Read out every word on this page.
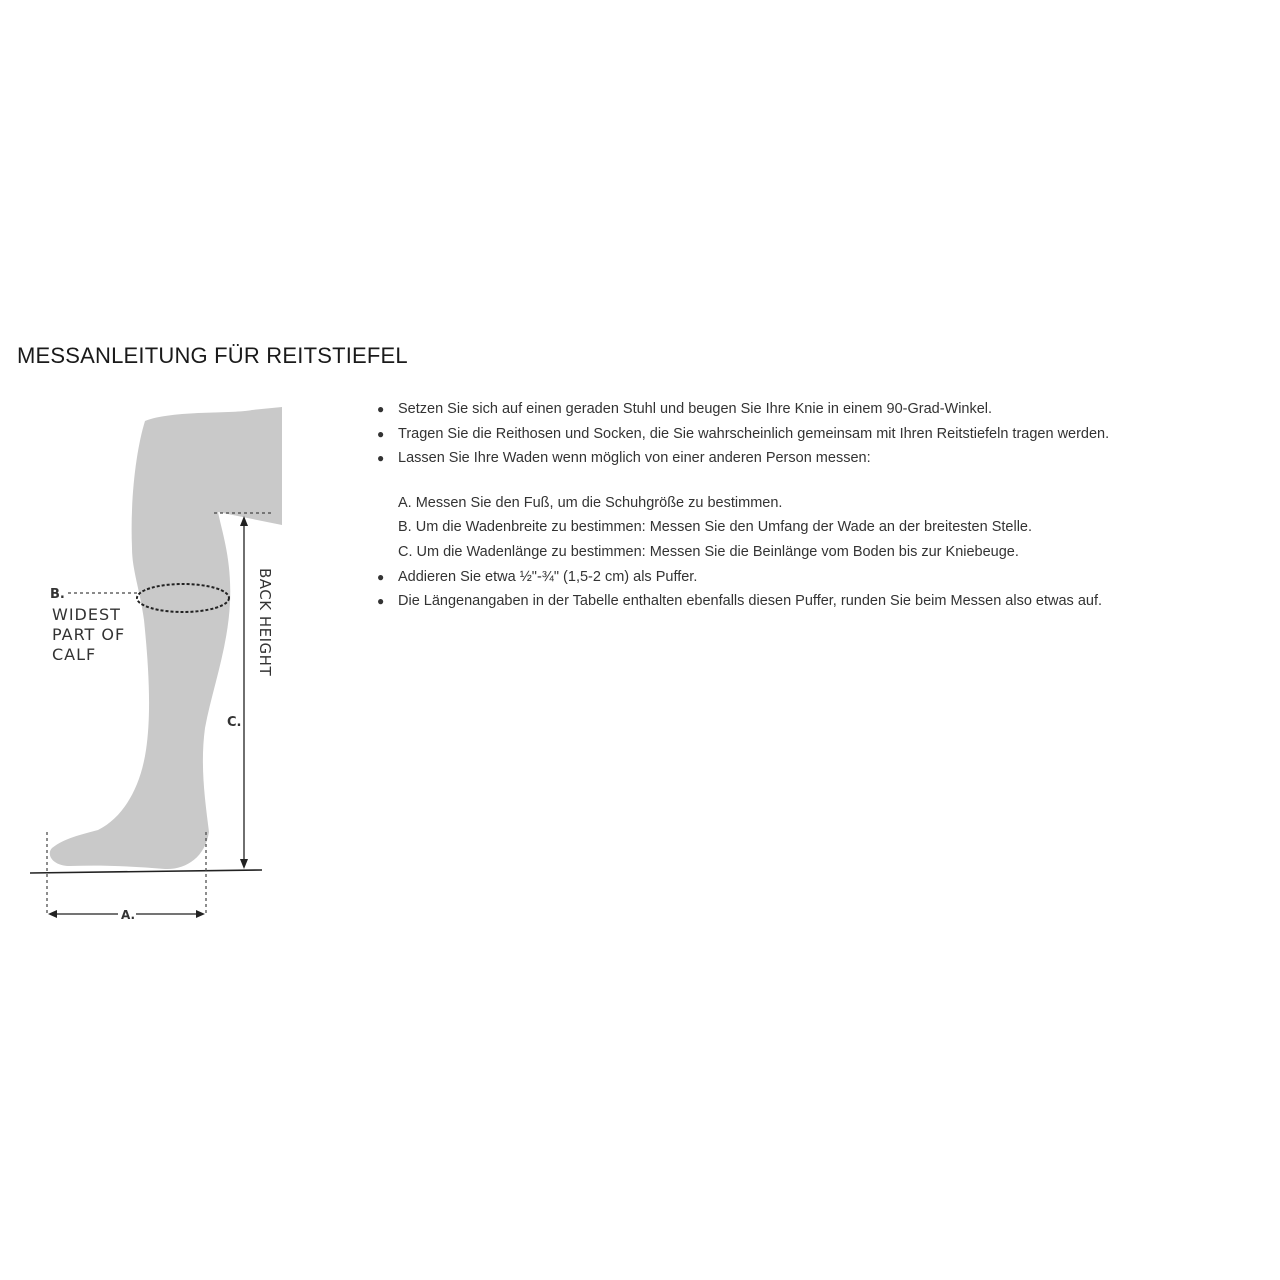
MESSANLEITUNG FÜR REITSTIEFEL
B.
WIDEST
PART OF
CALF
C.
BACK HEIGHT
A.
● Setzen Sie sich auf einen geraden Stuhl und beugen Sie Ihre Knie in einem 90-Grad-Winkel.
● Tragen Sie die Reithosen und Socken, die Sie wahrscheinlich gemeinsam mit Ihren Reitstiefeln tragen werden.
● Lassen Sie Ihre Waden wenn möglich von einer anderen Person messen:
A. Messen Sie den Fuß, um die Schuhgröße zu bestimmen.
B. Um die Wadenbreite zu bestimmen: Messen Sie den Umfang der Wade an der breitesten Stelle.
C. Um die Wadenlänge zu bestimmen: Messen Sie die Beinlänge vom Boden bis zur Kniebeuge.
● Addieren Sie etwa ½"-¾" (1,5-2 cm) als Puffer.
● Die Längenangaben in der Tabelle enthalten ebenfalls diesen Puffer, runden Sie beim Messen also etwas auf.
